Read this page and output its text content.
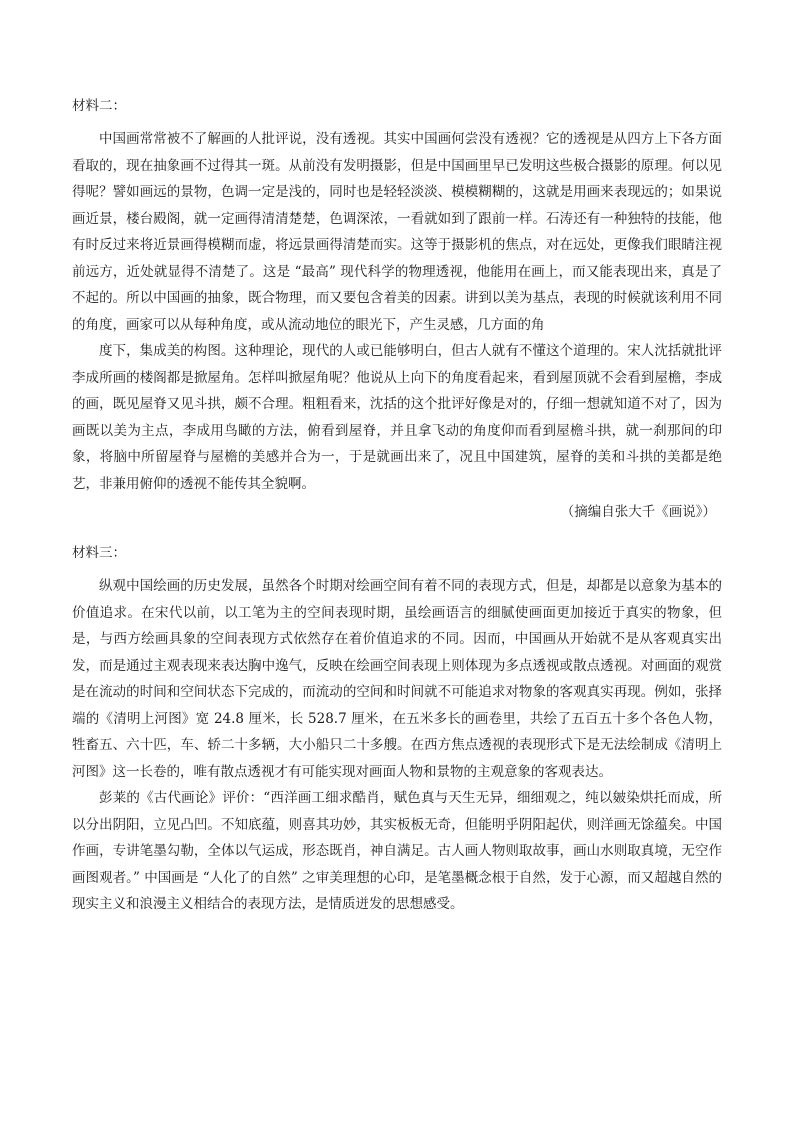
材料二：

中国画常常被不了解画的人批评说，没有透视。其实中国画何尝没有透视？它的透视是从四方上下各方面看取的，现在抽象画不过得其一斑。从前没有发明摄影，但是中国画里早已发明这些极合摄影的原理。何以见得呢？譬如画远的景物，色调一定是浅的，同时也是轻轻淡淡、模模糊糊的，这就是用画来表现远的；如果说画近景，楼台殿阁，就一定画得清清楚楚，色调深浓，一看就如到了跟前一样。石涛还有一种独特的技能，他有时反过来将近景画得模糊而虚，将远景画得清楚而实。这等于摄影机的焦点，对在远处，更像我们眼睛注视前远方，近处就显得不清楚了。这是 “最高” 现代科学的物理透视，他能用在画上，而又能表现出来，真是了不起的。所以中国画的抽象，既合物理，而又要包含着美的因素。讲到以美为基点，表现的时候就该利用不同的角度，画家可以从每种角度，或从流动地位的眼光下，产生灵感，几方面的角

度下，集成美的构图。这种理论，现代的人或已能够明白，但古人就有不懂这个道理的。宋人沈括就批评李成所画的楼阁都是掀屋角。怎样叫掀屋角呢？他说从上向下的角度看起来，看到屋顶就不会看到屋檐，李成的画，既见屋脊又见斗拱，颇不合理。粗粗看来，沈括的这个批评好像是对的，仔细一想就知道不对了，因为画既以美为主点，李成用鸟瞰的方法，俯看到屋脊，并且拿飞动的角度仰而看到屋檐斗拱，就一刹那间的印象，将脑中所留屋脊与屋檐的美感并合为一，于是就画出来了，况且中国建筑，屋脊的美和斗拱的美都是绝艺，非兼用俯仰的透视不能传其全貌啊。

（摘编自张大千《画说》）

材料三：

纵观中国绘画的历史发展，虽然各个时期对绘画空间有着不同的表现方式，但是，却都是以意象为基本的价值追求。在宋代以前，以工笔为主的空间表现时期，虽绘画语言的细腻使画面更加接近于真实的物象，但是，与西方绘画具象的空间表现方式依然存在着价值追求的不同。因而，中国画从开始就不是从客观真实出发，而是通过主观表现来表达胸中逸气，反映在绘画空间表现上则体现为多点透视或散点透视。对画面的观赏是在流动的时间和空间状态下完成的，而流动的空间和时间就不可能追求对物象的客观真实再现。例如，张择端的《清明上河图》宽 24.8 厘米，长 528.7 厘米，在五米多长的画卷里，共绘了五百五十多个各色人物，牲畜五、六十匹，车、轿二十多辆，大小船只二十多艘。在西方焦点透视的表现形式下是无法绘制成《清明上河图》这一长卷的，唯有散点透视才有可能实现对画面人物和景物的主观意象的客观表达。

彭莱的《古代画论》评价：“西洋画工细求酷肖，赋色真与天生无异，细细观之，纯以皴染烘托而成，所以分出阴阳，立见凸凹。不知底蕴，则喜其功妙，其实板板无奇，但能明乎阴阳起伏，则洋画无馀蕴矣。中国作画，专讲笔墨勾勒，全体以气运成，形态既肖，神自满足。古人画人物则取故事，画山水则取真境，无空作画图观者。” 中国画是 “人化了的自然” 之审美理想的心印，是笔墨概念根于自然，发于心源，而又超越自然的现实主义和浪漫主义相结合的表现方法，是情质迸发的思想感受。
